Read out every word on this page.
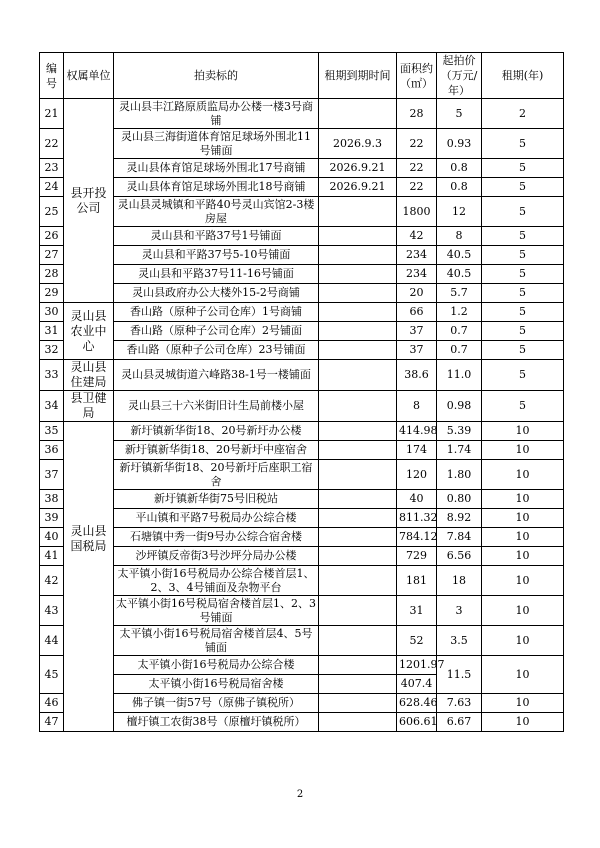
编号	权属单位	拍卖标的	租期到期时间	面积约（㎡）	起拍价（万元/年）	租期(年)
21	县开投公司	灵山县丰江路原质监局办公楼一楼3号商铺		28	5	2
22		灵山县三海街道体育馆足球场外围北11号铺面	2026.9.3	22	0.93	5
23		灵山县体育馆足球场外围北17号商铺	2026.9.21	22	0.8	5
24		灵山县体育馆足球场外围北18号商铺	2026.9.21	22	0.8	5
25		灵山县灵城镇和平路40号灵山宾馆2-3楼房屋		1800	12	5
26		灵山县和平路37号1号铺面		42	8	5
27		灵山县和平路37号5-10号铺面		234	40.5	5
28		灵山县和平路37号11-16号铺面		234	40.5	5
29		灵山县政府办公大楼外15-2号商铺		20	5.7	5
30	灵山县农业中心	香山路（原种子公司仓库）1号商铺		66	1.2	5
31		香山路（原种子公司仓库）2号铺面		37	0.7	5
32		香山路（原种子公司仓库）23号铺面		37	0.7	5
33	灵山县住建局	灵山县灵城街道六峰路38-1号一楼铺面		38.6	11.0	5
34	县卫健局	灵山县三十六米街旧计生局前楼小屋		8	0.98	5
35	灵山县国税局	新圩镇新华街18、20号新圩办公楼		414.98	5.39	10
36		新圩镇新华街18、20号新圩中座宿舍		174	1.74	10
37		新圩镇新华街18、20号新圩后座职工宿舍		120	1.80	10
38		新圩镇新华街75号旧税站		40	0.80	10
39		平山镇和平路7号税局办公综合楼		811.32	8.92	10
40		石塘镇中秀一街9号办公综合宿舍楼		784.12	7.84	10
41		沙坪镇反帝街3号沙坪分局办公楼		729	6.56	10
42		太平镇小街16号税局办公综合楼首层1、2、3、4号铺面及杂物平台		181	18	10
43		太平镇小街16号税局宿舍楼首层1、2、3号铺面		31	3	10
44		太平镇小街16号税局宿舍楼首层4、5号铺面		52	3.5	10
45		太平镇小街16号税局办公综合楼		1201.97	11.5	10
		太平镇小街16号税局宿舍楼		407.4		
46		佛子镇一街57号（原佛子镇税所）		628.46	7.63	10
47		檀圩镇工农街38号（原檀圩镇税所）		606.61	6.67	10
2
